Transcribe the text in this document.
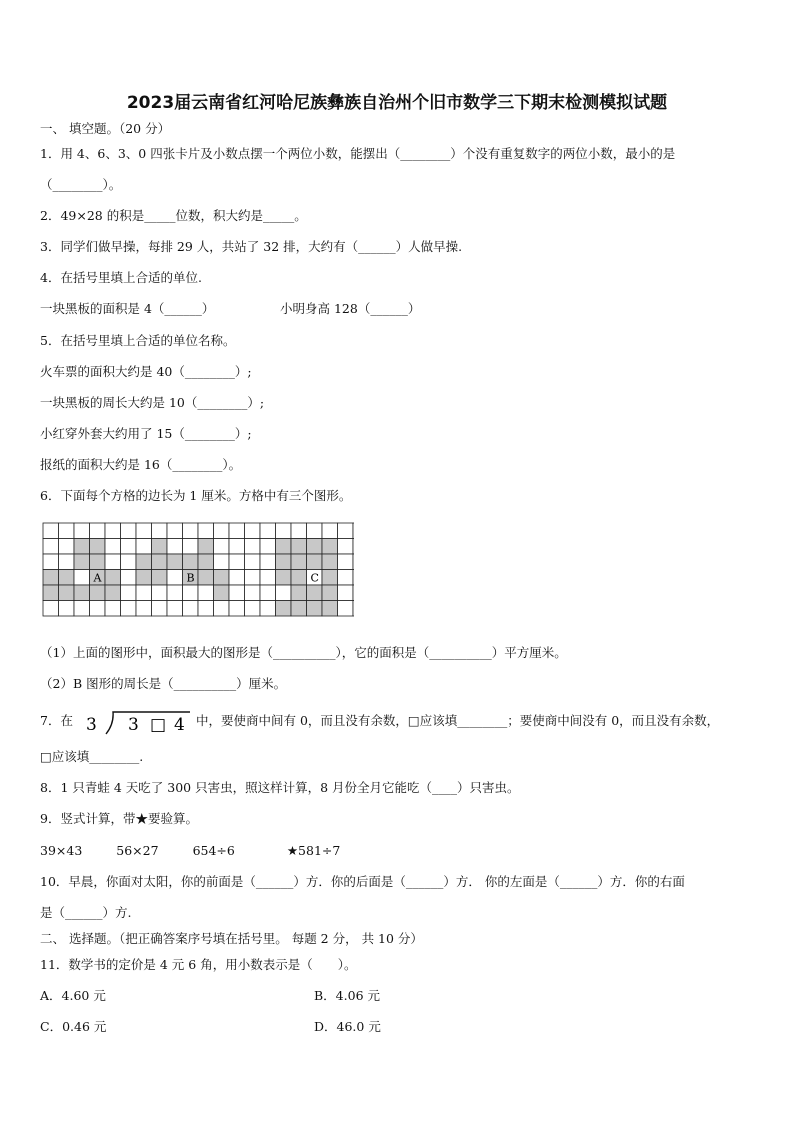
2023届云南省红河哈尼族彝族自治州个旧市数学三下期末检测模拟试题
一、 填空题。（20 分）
1．用 4、6、3、0 四张卡片及小数点摆一个两位小数，能摆出（________）个没有重复数字的两位小数，最小的是
（________）。
2．49×28 的积是_____位数，积大约是_____。
3．同学们做早操，每排 29 人，共站了 32 排，大约有（______）人做早操.
4．在括号里填上合适的单位.
一块黑板的面积是 4（______）	小明身高 128（______）
5．在括号里填上合适的单位名称。
火车票的面积大约是 40（________）;
一块黑板的周长大约是 10（________）;
小红穿外套大约用了 15（________）;
报纸的面积大约是 16（________）。
6．下面每个方格的边长为 1 厘米。方格中有三个图形。
A	B	C
（1）上面的图形中，面积最大的图形是（__________），它的面积是（__________）平方厘米。
（2）B 图形的周长是（__________）厘米。
7．在 3 3 □ 4 中，要使商中间有 0，而且没有余数，□应该填________；要使商中间没有 0，而且没有余数，
□应该填________.
8．1 只青蛙 4 天吃了 300 只害虫，照这样计算，8 月份全月它能吃（____）只害虫。
9．竖式计算，带★要验算。
39×43	56×27	654÷6	★581÷7
10．早晨，你面对太阳，你的前面是（______）方．你的后面是（______）方． 你的左面是（______）方．你的右面
是（______）方.
二、 选择题。（把正确答案序号填在括号里。 每题 2 分， 共 10 分）
11．数学书的定价是 4 元 6 角，用小数表示是（　　）。
A．4.60 元	B．4.06 元
C．0.46 元	D．46.0 元
